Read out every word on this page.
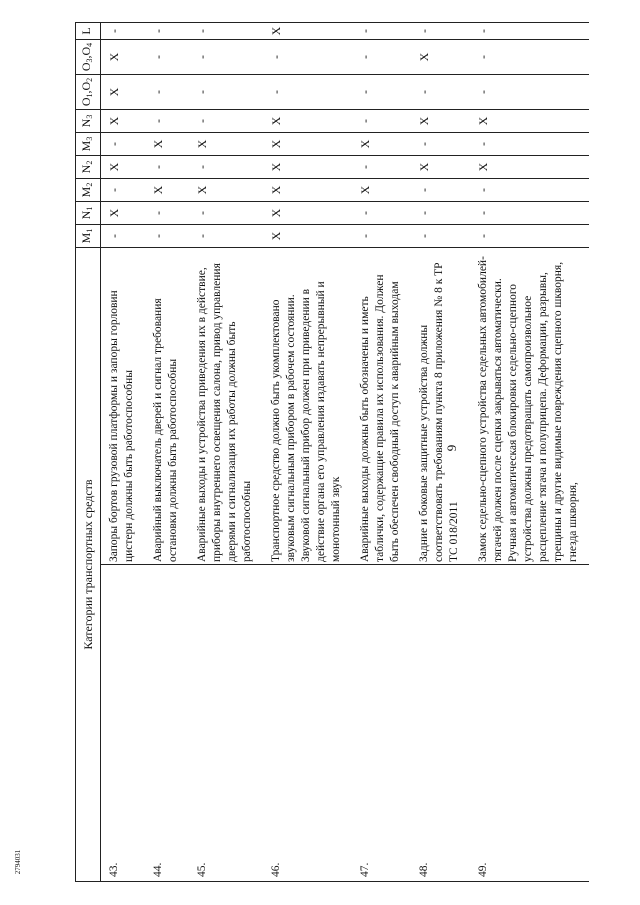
9
2794031
Категории транспортных средств		$M_1$	$N_1$	$M_2$	$N_2$	$M_3$	$N_3$	$O_1,O_2$	$O_3,O_4$	L
43.	Запоры бортов грузовой платформы и запоры горловин цистерн должны быть работоспособны	-	X	-	X	-	X	X	X	-
44.	Аварийный выключатель дверей и сигнал требования остановки должны быть работоспособны	-	-	X	-	X	-	-	-	-
45.	Аварийные выходы и устройства приведения их в действие, приборы внутреннего освещения салона, привод управления дверями и сигнализация их работы должны быть работоспособны	-	-	X	-	X	-	-	-	-
46.	Транспортное средство должно быть укомплектовано звуковым сигнальным прибором в рабочем состоянии. Звуковой сигнальный прибор должен при приведении в действие органа его управления издавать непрерывный и монотонный звук	X	X	X	X	X	X	-	-	X
47.	Аварийные выходы должны быть обозначены и иметь таблички, содержащие правила их использования. Должен быть обеспечен свободный доступ к аварийным выходам	-	-	X	-	X	-	-	-	-
48.	Задние и боковые защитные устройства должны соответствовать требованиям пункта 8 приложения № 8 к ТР ТС 018/2011	-	-	-	X	-	X	-	X	-
49.	Замок седельно-сцепного устройства седельных автомобилей-тягачей должен после сцепки закрываться автоматически. Ручная и автоматическая блокировки седельно-сцепного устройства должны предотвращать самопроизвольное расцепление тягача и полуприцепа. Деформации, разрывы, трещины и другие видимые повреждения сцепного шкворня, гнезда шкворня,	-	-	-	X	-	X	-	-	-
